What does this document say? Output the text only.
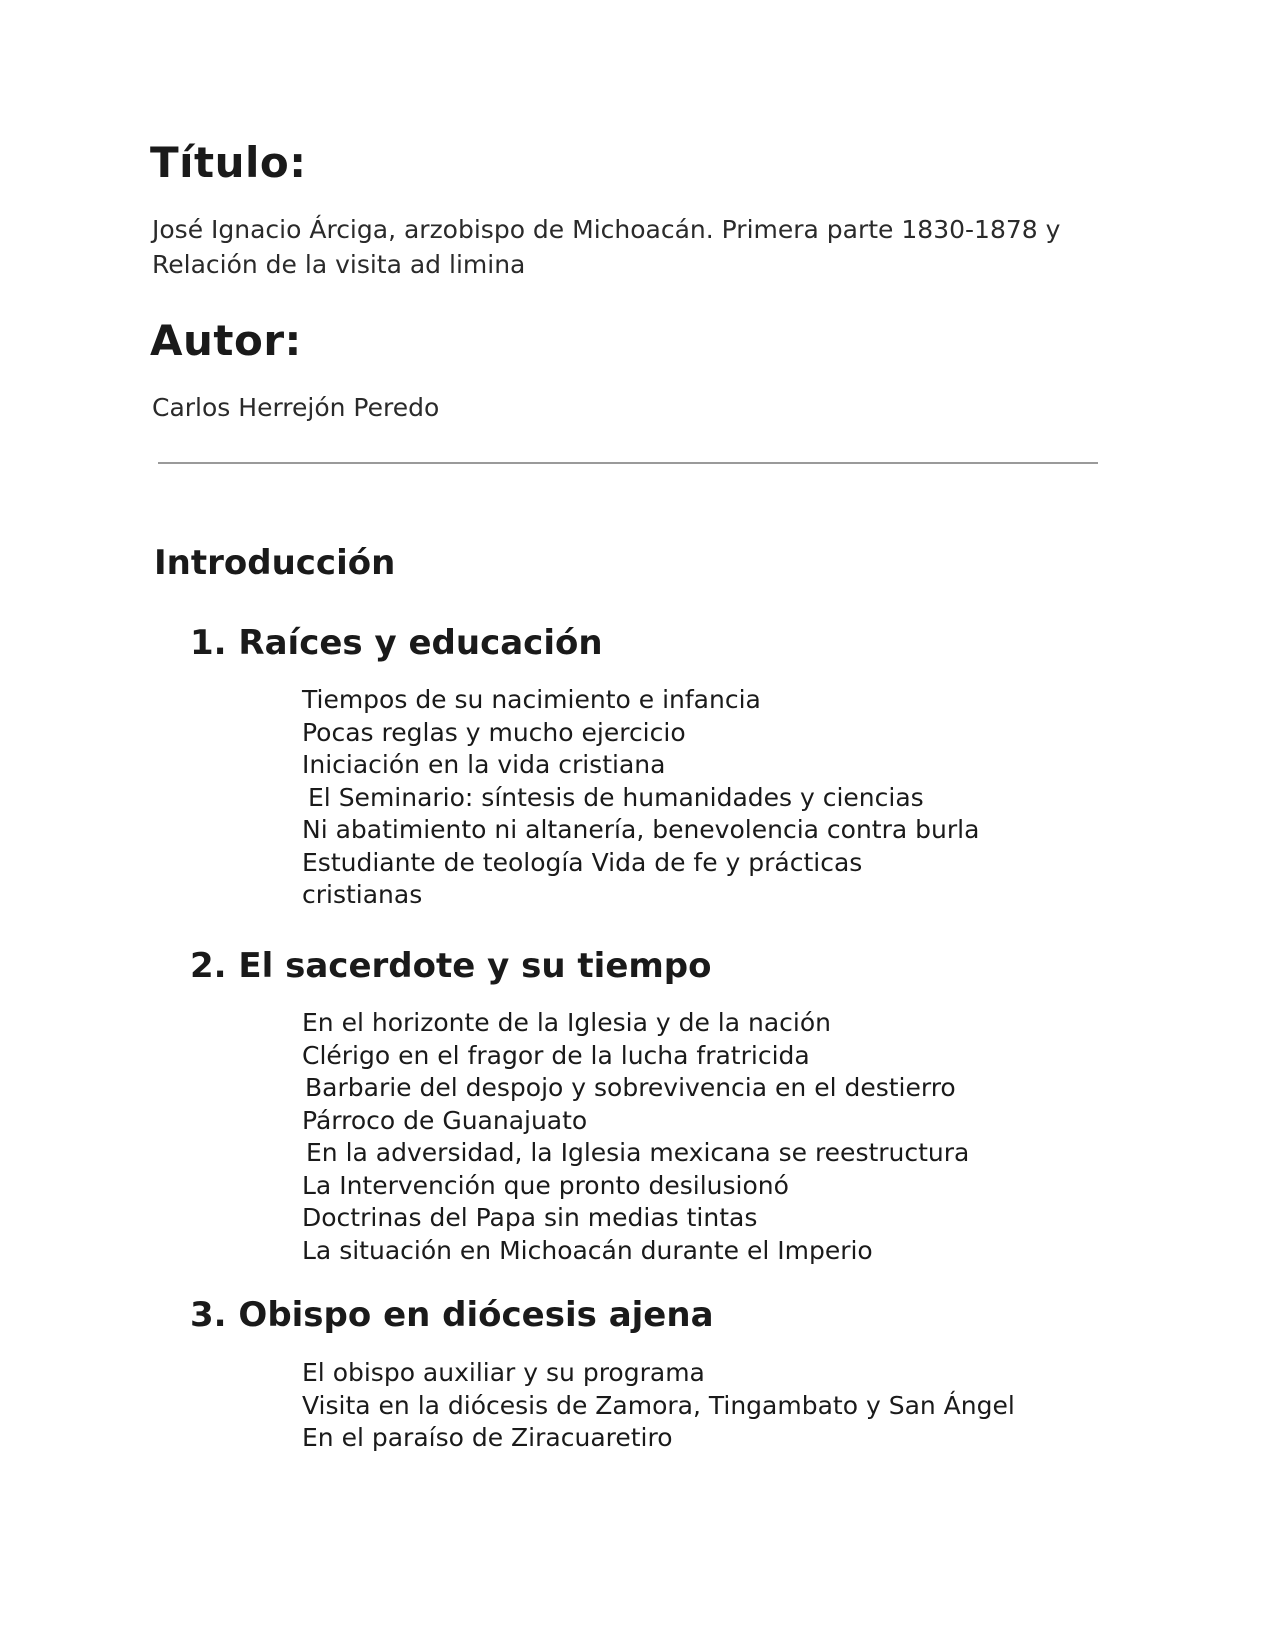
Título:

José Ignacio Árciga, arzobispo de Michoacán. Primera parte 1830-1878 y Relación de la visita ad limina

Autor:

Carlos Herrejón Peredo

Introducción
1. Raíces y educación
Tiempos de su nacimiento e infancia
Pocas reglas y mucho ejercicio
Iniciación en la vida cristiana
El Seminario: síntesis de humanidades y ciencias
Ni abatimiento ni altanería, benevolencia contra burla
Estudiante de teología Vida de fe y prácticas cristianas
2. El sacerdote y su tiempo
En el horizonte de la Iglesia y de la nación
Clérigo en el fragor de la lucha fratricida
Barbarie del despojo y sobrevivencia en el destierro
Párroco de Guanajuato
En la adversidad, la Iglesia mexicana se reestructura
La Intervención que pronto desilusionó
Doctrinas del Papa sin medias tintas
La situación en Michoacán durante el Imperio
3. Obispo en diócesis ajena
El obispo auxiliar y su programa
Visita en la diócesis de Zamora, Tingambato y San Ángel
En el paraíso de Ziracuaretiro
